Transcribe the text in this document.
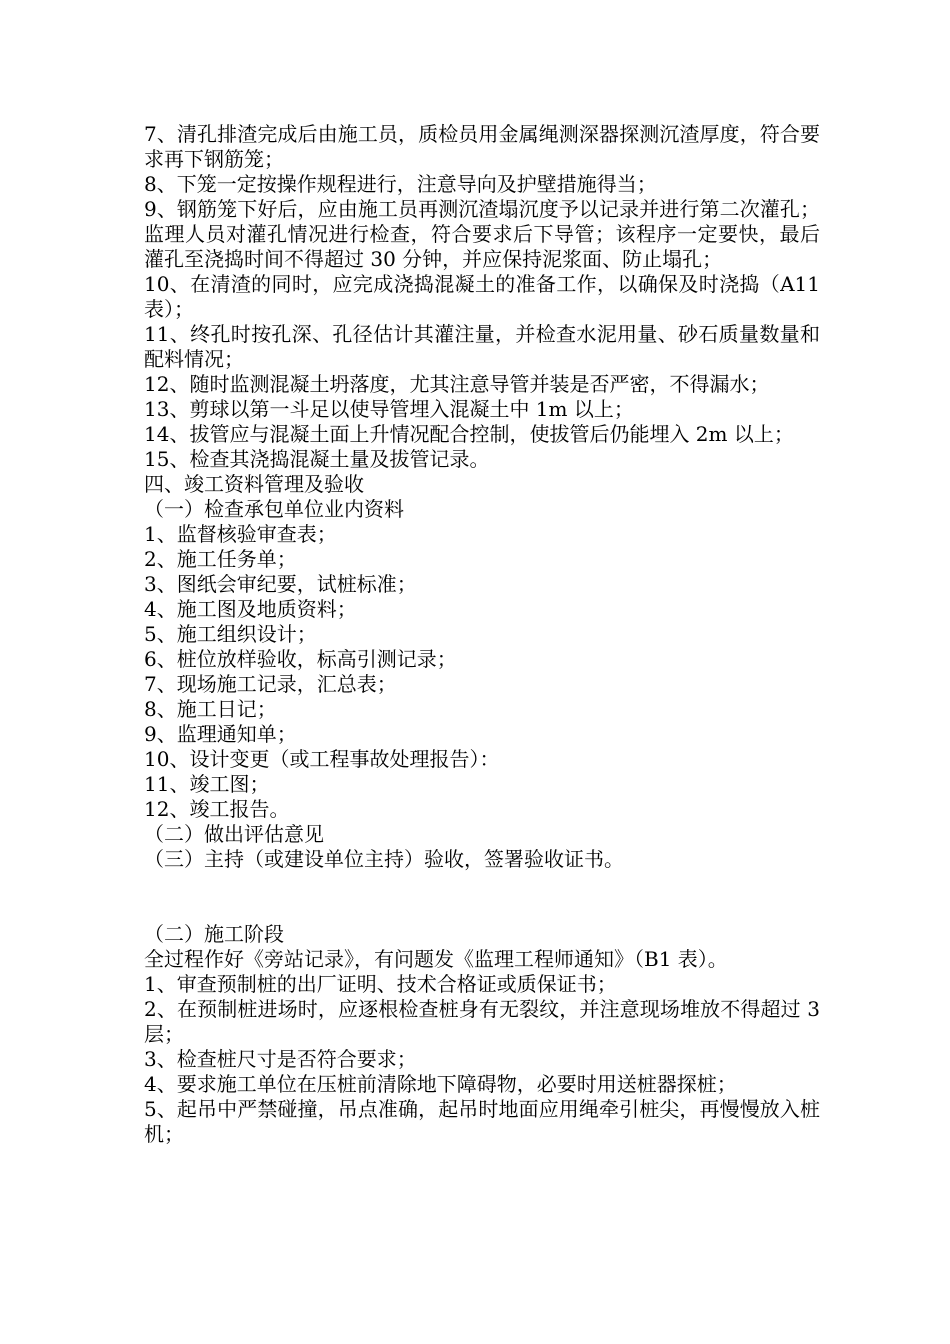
7、清孔排渣完成后由施工员，质检员用金属绳测深器探测沉渣厚度，符合要求再下钢筋笼；

8、下笼一定按操作规程进行，注意导向及护壁措施得当；

9、钢筋笼下好后，应由施工员再测沉渣塌沉度予以记录并进行第二次灌孔；监理人员对灌孔情况进行检查，符合要求后下导管；该程序一定要快，最后灌孔至浇捣时间不得超过 30 分钟，并应保持泥浆面、防止塌孔；

10、在清渣的同时，应完成浇捣混凝土的准备工作，以确保及时浇捣（A11 表）；

11、终孔时按孔深、孔径估计其灌注量，并检查水泥用量、砂石质量数量和配料情况；

12、随时监测混凝土坍落度，尤其注意导管并装是否严密，不得漏水；

13、剪球以第一斗足以使导管埋入混凝土中 1m 以上；

14、拔管应与混凝土面上升情况配合控制，使拔管后仍能埋入 2m 以上；

15、检查其浇捣混凝土量及拔管记录。

四、竣工资料管理及验收

（一）检查承包单位业内资料

1、监督核验审查表；

2、施工任务单；

3、图纸会审纪要，试桩标准；

4、施工图及地质资料；

5、施工组织设计；

6、桩位放样验收，标高引测记录；

7、现场施工记录，汇总表；

8、施工日记；

9、监理通知单；

10、设计变更（或工程事故处理报告）：

11、竣工图；

12、竣工报告。

（二）做出评估意见

（三）主持（或建设单位主持）验收，签署验收证书。

（二）施工阶段

全过程作好《旁站记录》，有问题发《监理工程师通知》（B1 表）。

1、审查预制桩的出厂证明、技术合格证或质保证书；

2、在预制桩进场时，应逐根检查桩身有无裂纹，并注意现场堆放不得超过 3 层；

3、检查桩尺寸是否符合要求；

4、要求施工单位在压桩前清除地下障碍物，必要时用送桩器探桩；

5、起吊中严禁碰撞，吊点准确，起吊时地面应用绳牵引桩尖，再慢慢放入桩机；
